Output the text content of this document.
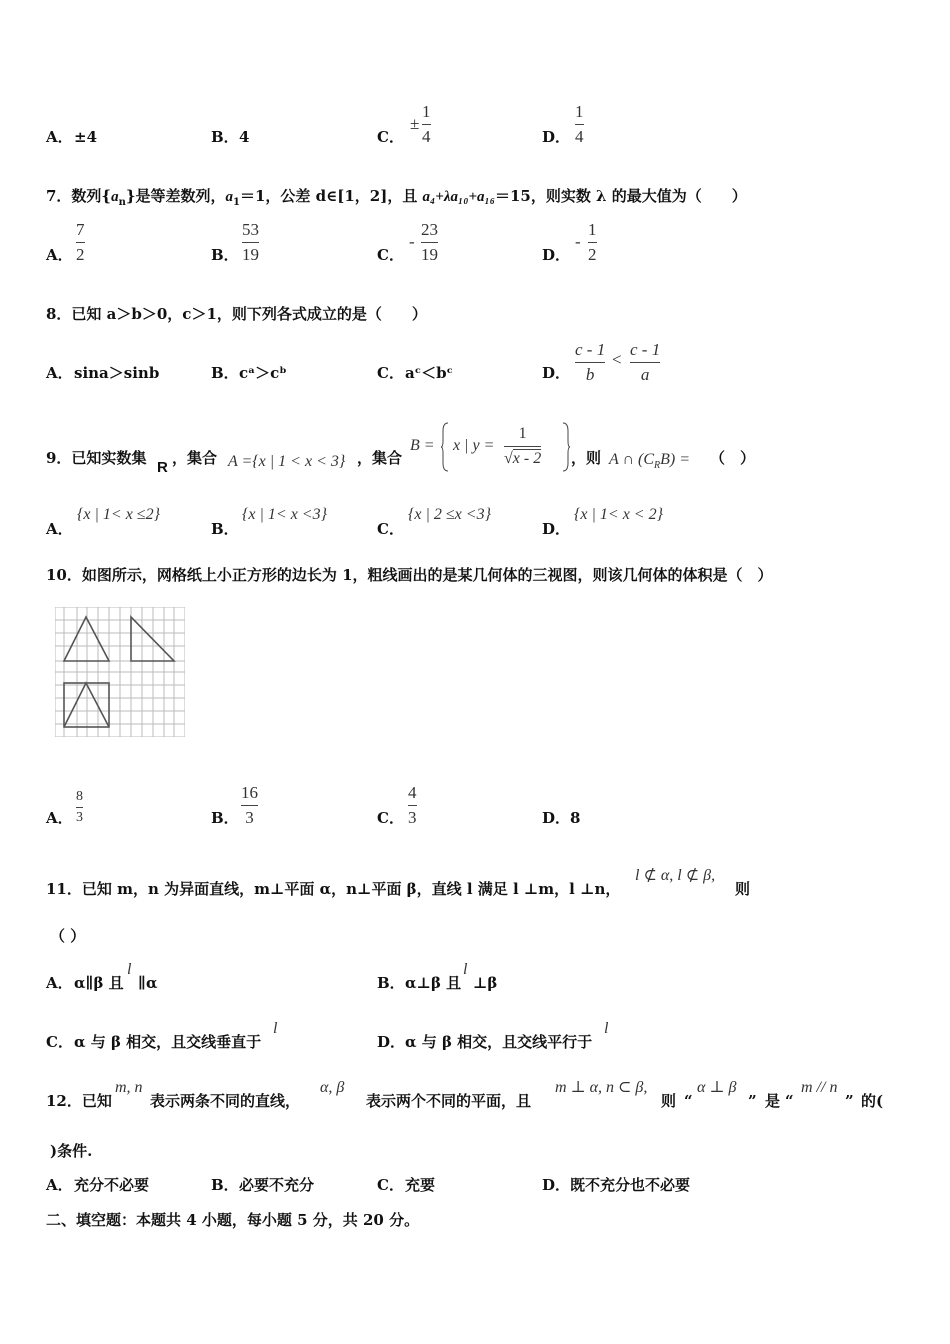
A． ±4	B． 4	C．
±
1
4	D．
1
4
7．数列$\{a_n\}$是等差数列，$a_1=1$，公差 d∈[1，2]，且 a₄+λa₁₀+a₁₆＝15，则实数 λ 的最大值为（　　）
A．
7
2	B．
53
19	C．
-
23
19	D．
-
1
2
8．已知 a＞b＞0，c＞1，则下列各式成立的是（　　）
A． sina＞sinb	B． cᵃ＞cᵇ	C． aᶜ＜bᶜ	D．
c - 1
b
<
c - 1
a
9．已知实数集
R
，集合 A ={x | 1 < x < 3} ，集合
B = x | y =
1
√x - 2 ，则 A ∩ $(C_RB)$ = （　）
A．
{x | 1< x ≤2}
B．
{x | 1< x <3}
C．
{x | 2 ≤x <3}
D．
{x | 1< x < 2}
10．如图所示，网格纸上小正方形的边长为 1，粗线画出的是某几何体的三视图，则该几何体的体积是（　）
A．
8
3	B．
16
3	C．
4
3	D． 8
11．已知 m，n 为异面直线，m⊥平面 α，n⊥平面 β，直线 l 满足 l ⊥m，l ⊥n，
l ⊄ α, l ⊄ β,
则
（ ）
A． α∥β 且
l
∥α	B． α⊥β 且
l
⊥β
C． α 与 β 相交，且交线垂直于
l
D． α 与 β 相交，且交线平行于
l
12．已知
m, n
表示两条不同的直线，
α, β
表示两个不同的平面，且
m ⊥ α, n ⊂ β,
则 “
α ⊥ β
” 是 “
m // n
” 的(
)条件.
A． 充分不必要	B． 必要不充分	C． 充要	D． 既不充分也不必要
二、填空题：本题共 4 小题，每小题 5 分，共 20 分。
